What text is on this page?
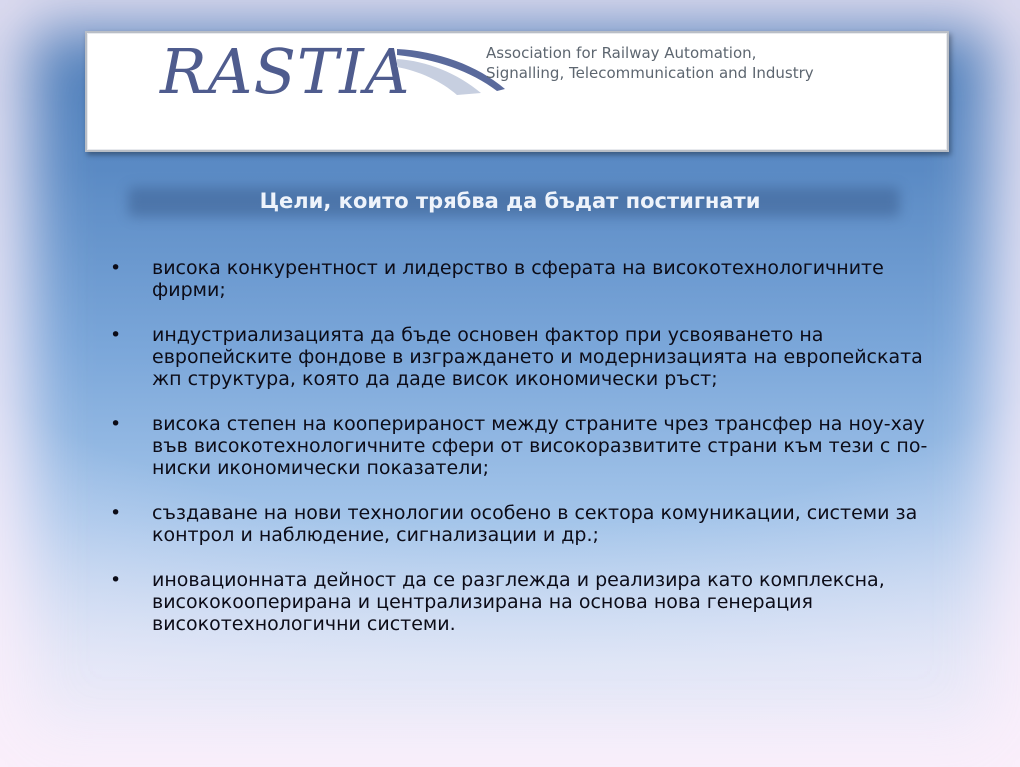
RASTIA	Association for Railway Automation,
Signalling, Telecommunication and Industry
Цели, които трябва да бъдат постигнати
• висока конкурентност и лидерство в сферата на високотехнологичните фирми;
• индустриализацията да бъде основен фактор при усвояването на европейските фондове в изграждането и модернизацията на европейската жп структура, която да даде висок икономически ръст;
• висока степен на коопериранoст между страните чрез трансфер на ноу-хау във високотехнологичните сфери от високоразвитите страни към тези с по-ниски икономически показатели;
• създаване на нови технологии особено в сектора комуникации, системи за контрол и наблюдение, сигнализации и др.;
• иновационната дейност да се разглежда и реализира като комплексна, висококоопериранa и централизирана на основа нова генерация високотехнологични системи.
